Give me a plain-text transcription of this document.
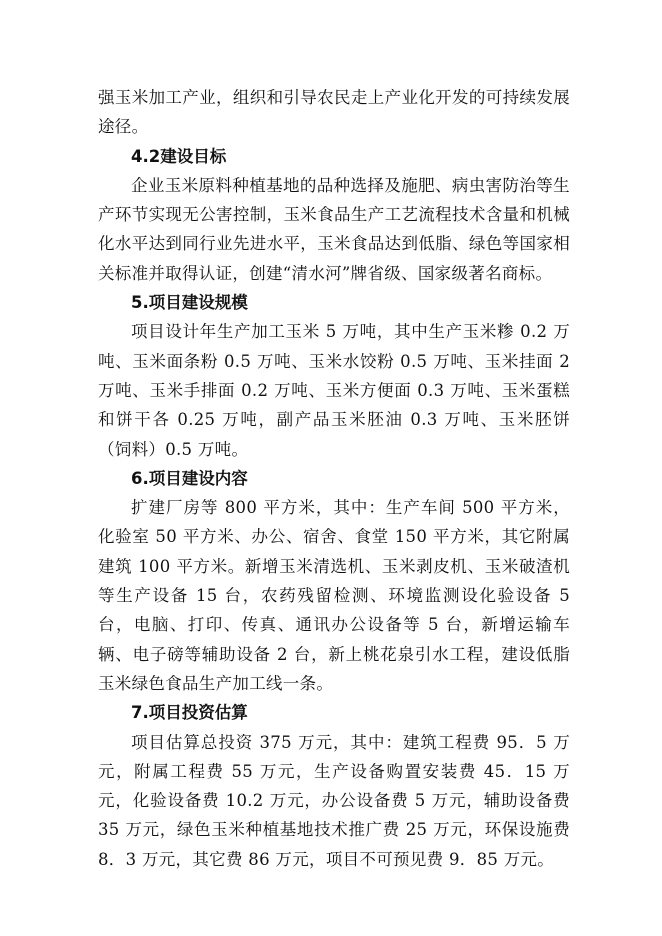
强玉米加工产业，组织和引导农民走上产业化开发的可持续发展途径。

4.2建设目标

企业玉米原料种植基地的品种选择及施肥、病虫害防治等生产环节实现无公害控制，玉米食品生产工艺流程技术含量和机械化水平达到同行业先进水平，玉米食品达到低脂、绿色等国家相关标准并取得认证，创建“清水河”牌省级、国家级著名商标。

5.项目建设规模

项目设计年生产加工玉米 5 万吨，其中生产玉米糁 0.2 万吨、玉米面条粉 0.5 万吨、玉米水饺粉 0.5 万吨、玉米挂面 2 万吨、玉米手排面 0.2 万吨、玉米方便面 0.3 万吨、玉米蛋糕和饼干各 0.25 万吨，副产品玉米胚油 0.3 万吨、玉米胚饼（饲料）0.5 万吨。

6.项目建设内容

扩建厂房等 800 平方米，其中：生产车间 500 平方米，化验室 50 平方米、办公、宿舍、食堂 150 平方米，其它附属建筑 100 平方米。新增玉米清选机、玉米剥皮机、玉米破渣机等生产设备 15 台，农药残留检测、环境监测设化验设备 5 台，电脑、打印、传真、通讯办公设备等 5 台，新增运输车辆、电子磅等辅助设备 2 台，新上桃花泉引水工程，建设低脂玉米绿色食品生产加工线一条。

7.项目投资估算

项目估算总投资 375 万元，其中：建筑工程费 95．5 万元，附属工程费 55 万元，生产设备购置安装费 45．15 万元，化验设备费 10.2 万元，办公设备费 5 万元，辅助设备费 35 万元，绿色玉米种植基地技术推广费 25 万元，环保设施费 8．3 万元，其它费 86 万元，项目不可预见费 9．85 万元。
